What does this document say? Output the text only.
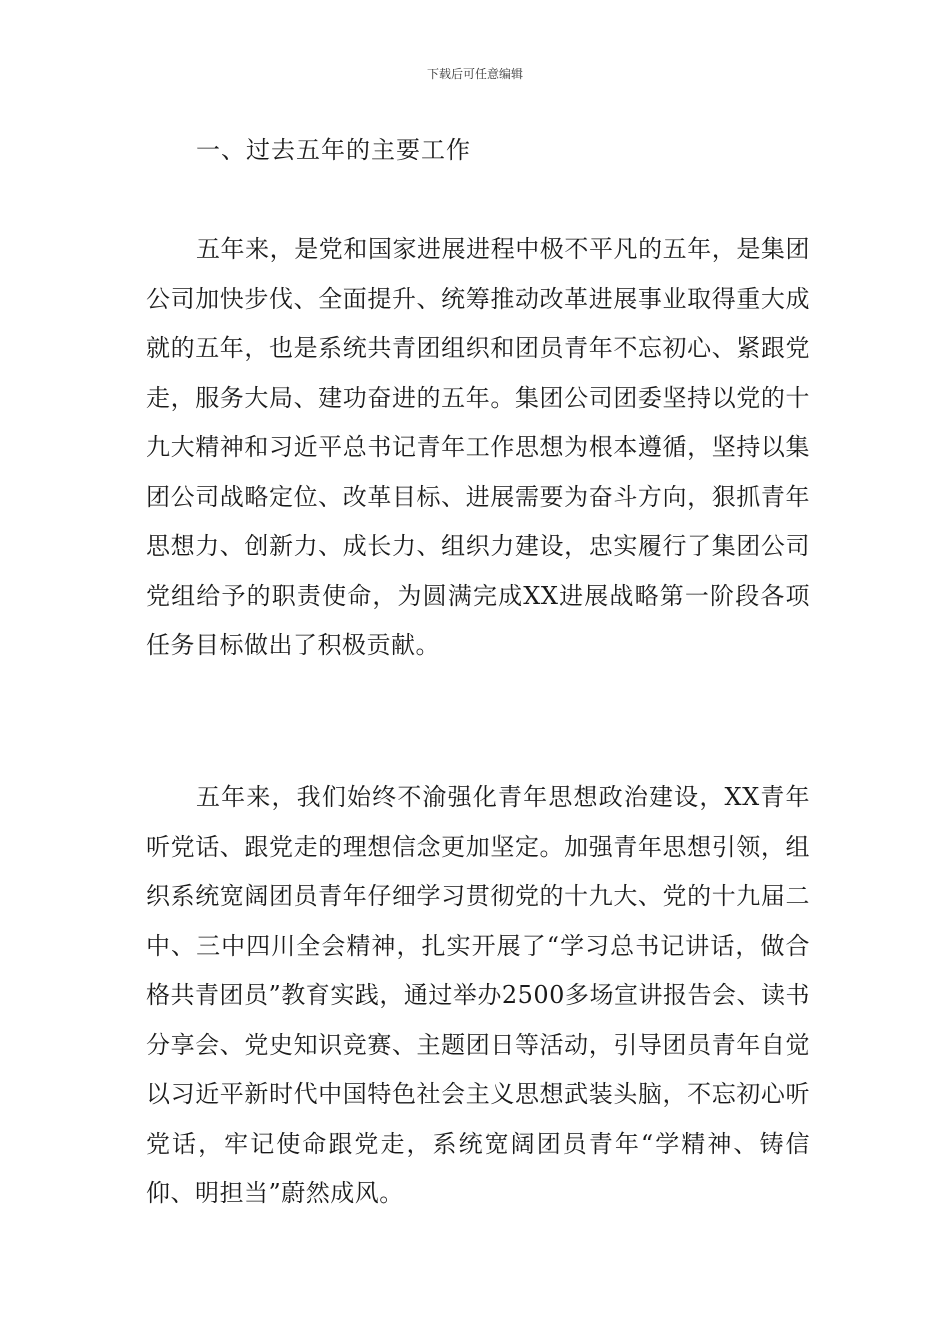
下载后可任意编辑
一、过去五年的主要工作

五年来，是党和国家进展进程中极不平凡的五年，是集团公司加快步伐、全面提升、统筹推动改革进展事业取得重大成就的五年，也是系统共青团组织和团员青年不忘初心、紧跟党走，服务大局、建功奋进的五年。集团公司团委坚持以党的十九大精神和习近平总书记青年工作思想为根本遵循，坚持以集团公司战略定位、改革目标、进展需要为奋斗方向，狠抓青年思想力、创新力、成长力、组织力建设，忠实履行了集团公司党组给予的职责使命，为圆满完成XX进展战略第一阶段各项任务目标做出了积极贡献。

五年来，我们始终不渝强化青年思想政治建设，XX青年听党话、跟党走的理想信念更加坚定。加强青年思想引领，组织系统宽阔团员青年仔细学习贯彻党的十九大、党的十九届二中、三中四川全会精神，扎实开展了“学习总书记讲话，做合格共青团员”教育实践，通过举办2500多场宣讲报告会、读书分享会、党史知识竞赛、主题团日等活动，引导团员青年自觉以习近平新时代中国特色社会主义思想武装头脑，不忘初心听党话，牢记使命跟党走，系统宽阔团员青年“学精神、铸信仰、明担当”蔚然成风。
